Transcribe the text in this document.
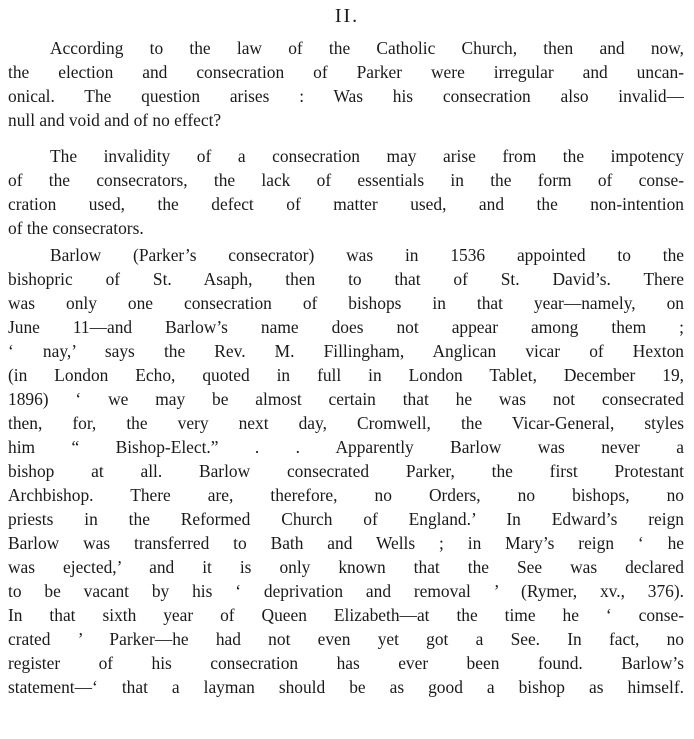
II.
According to the law of the Catholic Church, then and now,
the election and consecration of Parker were irregular and uncan-
onical. The question arises : Was his consecration also invalid—
null and void and of no effect?
The invalidity of a consecration may arise from the impotency
of the consecrators, the lack of essentials in the form of conse-
cration used, the defect of matter used, and the non-intention
of the consecrators.
Barlow (Parker’s consecrator) was in 1536 appointed to the
bishopric of St. Asaph, then to that of St. David’s. There
was only one consecration of bishops in that year—namely, on
June 11—and Barlow’s name does not appear among them ;
‘ nay,’ says the Rev. M. Fillingham, Anglican vicar of Hexton
(in London Echo, quoted in full in London Tablet, December 19,
1896) ‘ we may be almost certain that he was not consecrated
then, for, the very next day, Cromwell, the Vicar-General, styles
him “ Bishop-Elect.” . . Apparently Barlow was never a
bishop at all. Barlow consecrated Parker, the first Protestant
Archbishop. There are, therefore, no Orders, no bishops, no
priests in the Reformed Church of England.’ In Edward’s reign
Barlow was transferred to Bath and Wells ; in Mary’s reign ‘ he
was ejected,’ and it is only known that the See was declared
to be vacant by his ‘ deprivation and removal ’ (Rymer, xv., 376).
In that sixth year of Queen Elizabeth—at the time he ‘ conse-
crated ’ Parker—he had not even yet got a See. In fact, no
register of his consecration has ever been found. Barlow’s
statement—‘ that a layman should be as good a bishop as himself.
